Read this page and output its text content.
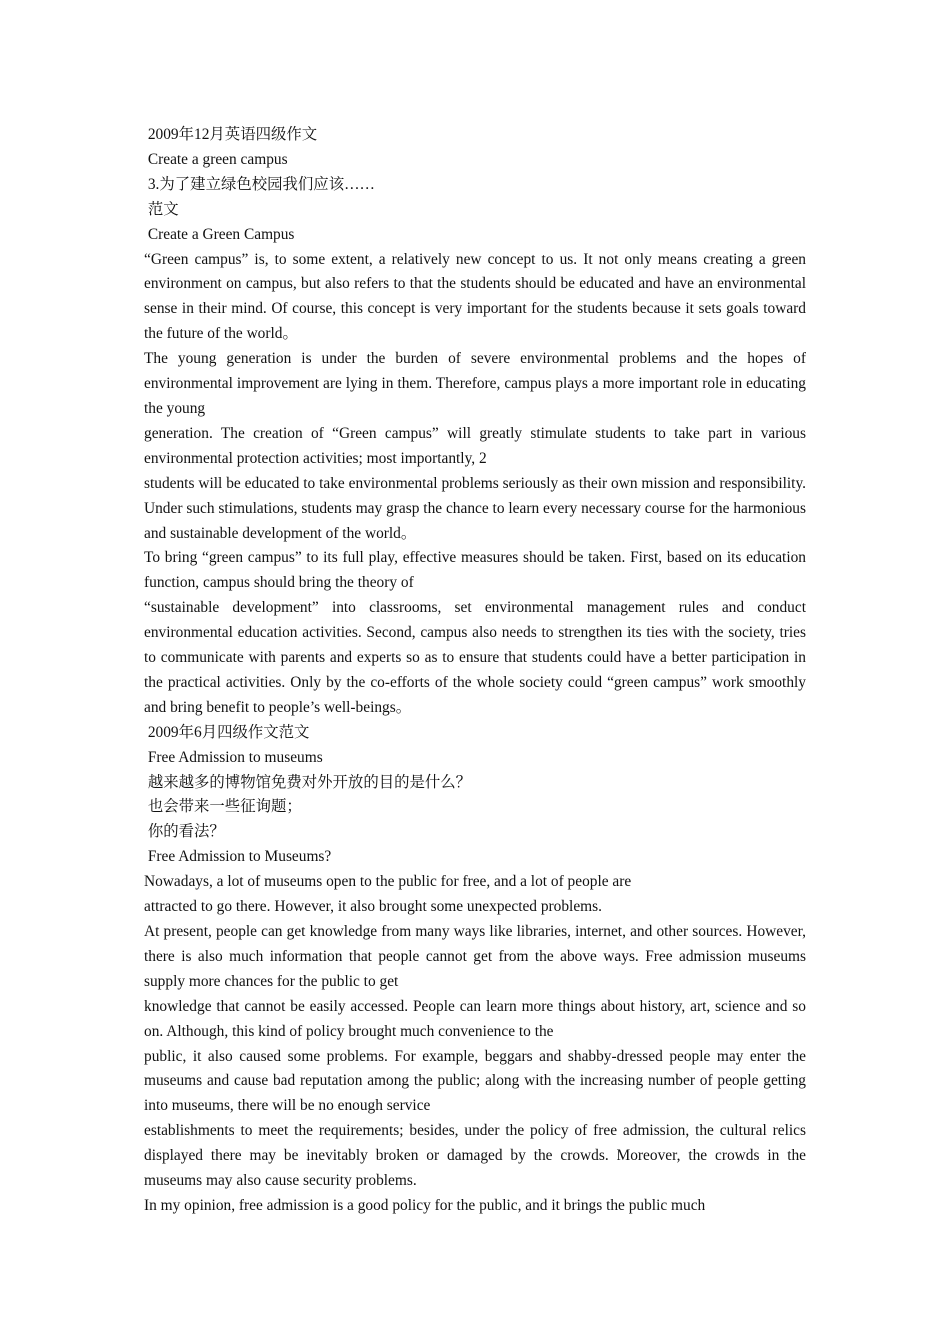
2009年12月英语四级作文
Create a green campus
3.为了建立绿色校园我们应该……
范文
Create a Green Campus
“Green campus” is, to some extent, a relatively new concept to us. It not only means creating a green environment on campus, but also refers to that the students should be educated and have an environmental sense in their mind. Of course, this concept is very important for the students because it sets goals toward the future of the world。
The young generation is under the burden of severe environmental problems and the hopes of environmental improvement are lying in them. Therefore, campus plays a more important role in educating the young
generation. The creation of “Green campus” will greatly stimulate students to take part in various environmental protection activities; most importantly, 2
students will be educated to take environmental problems seriously as their own mission and responsibility. Under such stimulations, students may grasp the chance to learn every necessary course for the harmonious and sustainable development of the world。
To bring “green campus” to its full play, effective measures should be taken. First, based on its education function, campus should bring the theory of
“sustainable development” into classrooms, set environmental management rules and conduct environmental education activities. Second, campus also needs to strengthen its ties with the society, tries to communicate with parents and experts so as to ensure that students could have a better participation in the practical activities. Only by the co-efforts of the whole society could “green campus” work smoothly and bring benefit to people’s well-beings。
2009年6月四级作文范文
Free Admission to museums
越来越多的博物馆免费对外开放的目的是什么？
也会带来一些征询题；
你的看法？
Free Admission to Museums?
Nowadays, a lot of museums open to the public for free, and a lot of people are
attracted to go there. However, it also brought some unexpected problems.
At present, people can get knowledge from many ways like libraries, internet, and other sources. However, there is also much information that people cannot get from the above ways. Free admission museums supply more chances for the public to get
knowledge that cannot be easily accessed. People can learn more things about history, art, science and so on. Although, this kind of policy brought much convenience to the
public, it also caused some problems. For example, beggars and shabby-dressed people may enter the museums and cause bad reputation among the public; along with the increasing number of people getting into museums, there will be no enough service
establishments to meet the requirements; besides, under the policy of free admission, the cultural relics displayed there may be inevitably broken or damaged by the crowds. Moreover, the crowds in the museums may also cause security problems.
In my opinion, free admission is a good policy for the public, and it brings the public much
